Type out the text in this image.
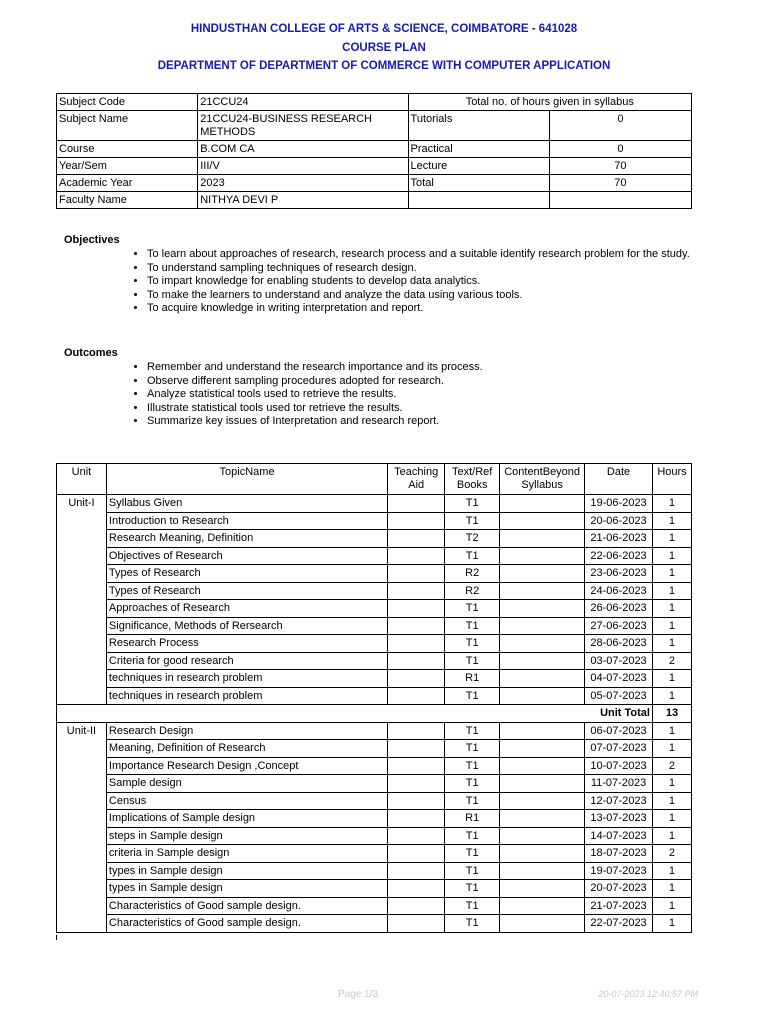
HINDUSTHAN COLLEGE OF ARTS & SCIENCE, COIMBATORE - 641028
COURSE PLAN
DEPARTMENT OF DEPARTMENT OF COMMERCE WITH COMPUTER APPLICATION
Subject Code	21CCU24	Total no. of hours given in syllabus	
Subject Name	21CCU24-BUSINESS RESEARCH METHODS	Tutorials	0
Course	B.COM CA	Practical	0
Year/Sem	III/V	Lecture	70
Academic Year	2023	Total	70
Faculty Name	NITHYA DEVI P		
Objectives
• To learn about approaches of research, research process and a suitable identify research problem for the study.
• To understand sampling techniques of research design.
• To impart knowledge for enabling students to develop data analytics.
• To make the learners to understand and analyze the data using various tools.
• To acquire knowledge in writing interpretation and report.
Outcomes
• Remember and understand the research importance and its process.
• Observe different sampling procedures adopted for research.
• Analyze statistical tools used to retrieve the results.
• Illustrate statistical tools used tor retrieve the results.
• Summarize key issues of Interpretation and research report.
Unit	TopicName	Teaching Aid	Text/Ref Books	ContentBeyond Syllabus	Date	Hours
Unit-I	Syllabus Given		T1		19-06-2023	1
	Introduction to Research		T1		20-06-2023	1
	Research Meaning, Definition		T2		21-06-2023	1
	Objectives of Research		T1		22-06-2023	1
	Types of Research		R2		23-06-2023	1
	Types of Research		R2		24-06-2023	1
	Approaches of Research		T1		26-06-2023	1
	Significance, Methods of Rersearch		T1		27-06-2023	1
	Research Process		T1		28-06-2023	1
	Criteria for good research		T1		03-07-2023	2
	techniques in research problem		R1		04-07-2023	1
	techniques in research problem		T1		05-07-2023	1
Unit Total						13
Unit-II	Research Design		T1		06-07-2023	1
	Meaning, Definition of Research		T1		07-07-2023	1
	Importance Research Design ,Concept		T1		10-07-2023	2
	Sample design		T1		11-07-2023	1
	Census		T1		12-07-2023	1
	Implications of Sample design		R1		13-07-2023	1
	steps in Sample design		T1		14-07-2023	1
	criteria in Sample design		T1		18-07-2023	2
	types in Sample design		T1		19-07-2023	1
	types in Sample design		T1		20-07-2023	1
	Characteristics of Good sample design.		T1		21-07-2023	1
	Characteristics of Good sample design.		T1		22-07-2023	1
Page:1/3	20-07-2023 12:40:57 PM
